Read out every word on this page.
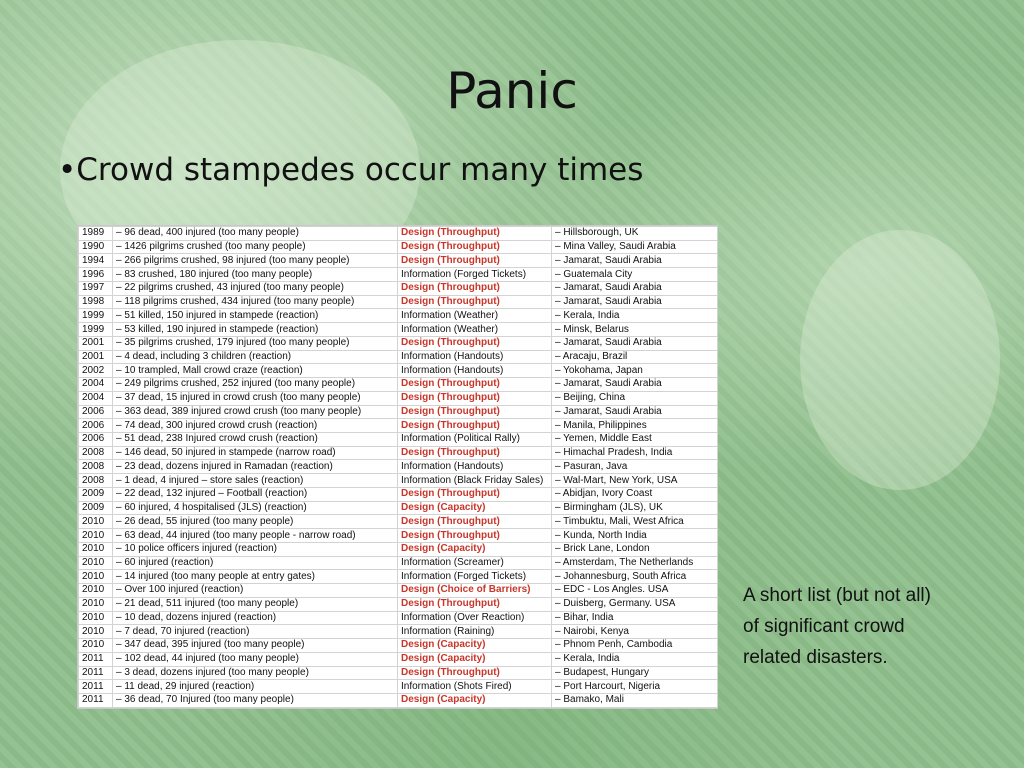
Panic
•Crowd stampedes occur many times
1989	– 96 dead, 400 injured (too many people)	Design (Throughput)	– Hillsborough, UK
1990	– 1426 pilgrims crushed (too many people)	Design (Throughput)	– Mina Valley, Saudi Arabia
1994	– 266 pilgrims crushed, 98 injured (too many people)	Design (Throughput)	– Jamarat, Saudi Arabia
1996	– 83 crushed, 180 injured (too many people)	Information (Forged Tickets)	– Guatemala City
1997	– 22 pilgrims crushed, 43 injured (too many people)	Design (Throughput)	– Jamarat, Saudi Arabia
1998	– 118 pilgrims crushed, 434 injured (too many people)	Design (Throughput)	– Jamarat, Saudi Arabia
1999	– 51 killed, 150 injured in stampede (reaction)	Information (Weather)	– Kerala, India
1999	– 53 killed, 190 injured in stampede (reaction)	Information (Weather)	– Minsk, Belarus
2001	– 35 pilgrims crushed, 179 injured (too many people)	Design (Throughput)	– Jamarat, Saudi Arabia
2001	– 4 dead, including 3 children (reaction)	Information (Handouts)	– Aracaju, Brazil
2002	– 10 trampled, Mall crowd craze (reaction)	Information (Handouts)	– Yokohama, Japan
2004	– 249 pilgrims crushed, 252 injured (too many people)	Design (Throughput)	– Jamarat, Saudi Arabia
2004	– 37 dead, 15 injured in crowd crush (too many people)	Design (Throughput)	– Beijing, China
2006	– 363 dead, 389 injured crowd crush (too many people)	Design (Throughput)	– Jamarat, Saudi Arabia
2006	– 74 dead, 300 injured crowd crush (reaction)	Design (Throughput)	– Manila, Philippines
2006	– 51 dead, 238 Injured crowd crush (reaction)	Information (Political Rally)	– Yemen, Middle East
2008	– 146 dead, 50 injured in stampede (narrow road)	Design (Throughput)	– Himachal Pradesh, India
2008	– 23 dead, dozens injured in Ramadan (reaction)	Information (Handouts)	– Pasuran, Java
2008	– 1 dead, 4 injured – store sales (reaction)	Information (Black Friday Sales)	– Wal-Mart, New York, USA
2009	– 22 dead, 132 injured – Football (reaction)	Design (Throughput)	– Abidjan, Ivory Coast
2009	– 60 injured, 4 hospitalised (JLS) (reaction)	Design (Capacity)	– Birmingham (JLS), UK
2010	– 26 dead, 55 injured (too many people)	Design (Throughput)	– Timbuktu, Mali, West Africa
2010	– 63 dead, 44 injured (too many people - narrow road)	Design (Throughput)	– Kunda, North India
2010	– 10 police officers injured (reaction)	Design (Capacity)	– Brick Lane, London
2010	– 60 injured (reaction)	Information (Screamer)	– Amsterdam, The Netherlands
2010	– 14 injured (too many people at entry gates)	Information (Forged Tickets)	– Johannesburg, South Africa
2010	– Over 100 injured (reaction)	Design (Choice of Barriers)	– EDC - Los Angles. USA
2010	– 21 dead, 511 injured (too many people)	Design (Throughput)	– Duisberg, Germany. USA
2010	– 10 dead, dozens injured (reaction)	Information (Over Reaction)	– Bihar, India
2010	– 7 dead, 70 injured (reaction)	Information (Raining)	– Nairobi, Kenya
2010	– 347 dead, 395 injured (too many people)	Design (Capacity)	– Phnom Penh, Cambodia
2011	– 102 dead, 44 injured (too many people)	Design (Capacity)	– Kerala, India
2011	– 3 dead, dozens injured (too many people)	Design (Throughput)	– Budapest, Hungary
2011	– 11 dead, 29 injured (reaction)	Information (Shots Fired)	– Port Harcourt, Nigeria
2011	– 36 dead, 70 Injured (too many people)	Design (Capacity)	– Bamako, Mali
A short list (but not all) of significant crowd related disasters.
